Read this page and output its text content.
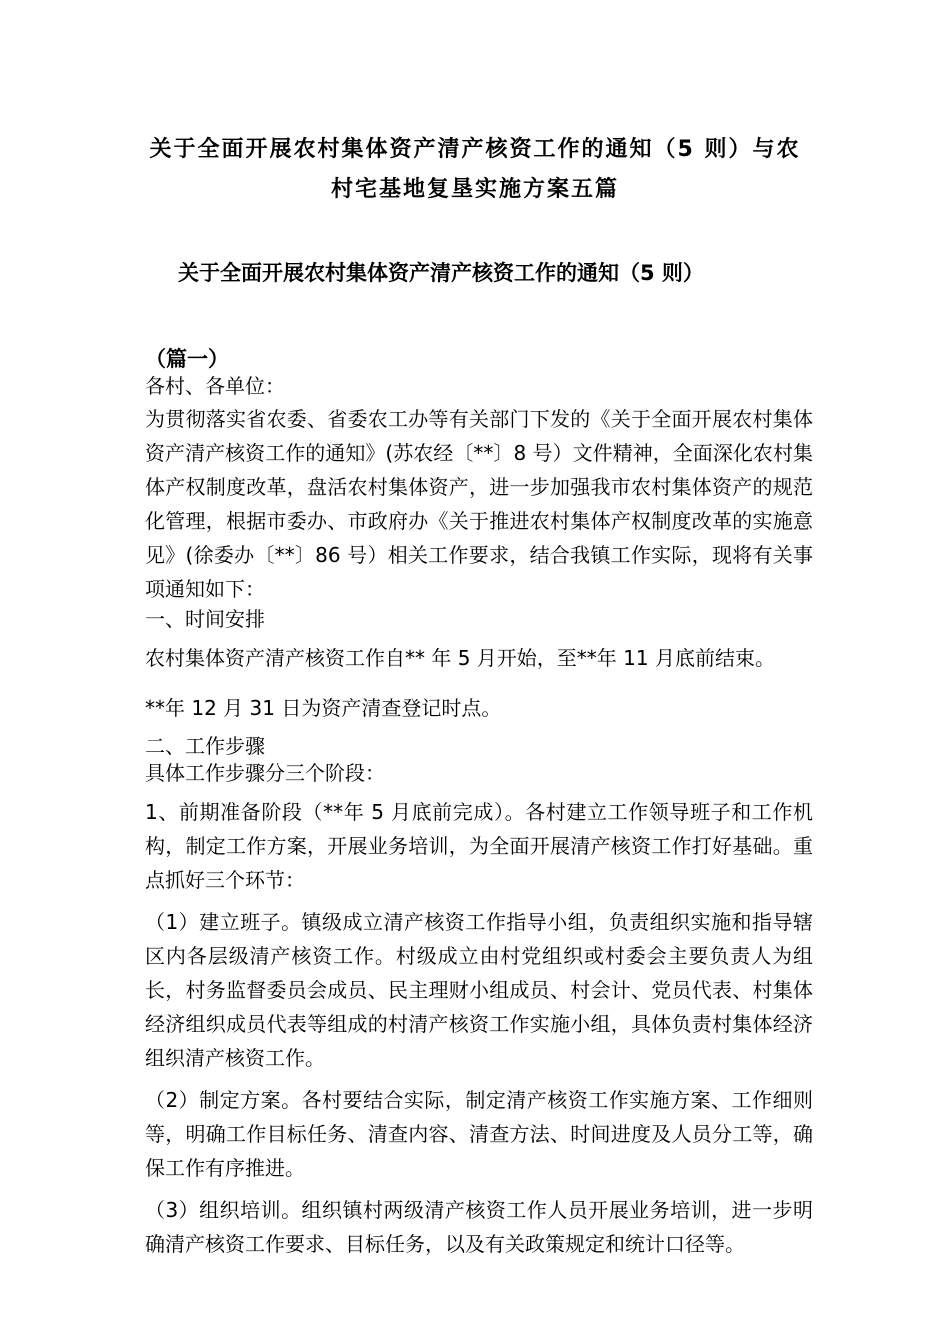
关于全面开展农村集体资产清产核资工作的通知（5 则）与农
村宅基地复垦实施方案五篇
关于全面开展农村集体资产清产核资工作的通知（5 则）
（篇一）

各村、各单位：

为贯彻落实省农委、省委农工办等有关部门下发的《关于全面开展农村集体资产清产核资工作的通知》(苏农经〔**〕8 号）文件精神，全面深化农村集体产权制度改革，盘活农村集体资产，进一步加强我市农村集体资产的规范化管理，根据市委办、市政府办《关于推进农村集体产权制度改革的实施意见》(徐委办〔**〕86 号）相关工作要求，结合我镇工作实际，现将有关事项通知如下：

一、时间安排

农村集体资产清产核资工作自** 年 5 月开始，至**年 11 月底前结束。

**年 12 月 31 日为资产清查登记时点。

二、工作步骤

具体工作步骤分三个阶段：

1、前期准备阶段（**年 5 月底前完成）。各村建立工作领导班子和工作机构，制定工作方案，开展业务培训，为全面开展清产核资工作打好基础。重点抓好三个环节：

（1）建立班子。镇级成立清产核资工作指导小组，负责组织实施和指导辖区内各层级清产核资工作。村级成立由村党组织或村委会主要负责人为组长，村务监督委员会成员、民主理财小组成员、村会计、党员代表、村集体经济组织成员代表等组成的村清产核资工作实施小组，具体负责村集体经济组织清产核资工作。

（2）制定方案。各村要结合实际，制定清产核资工作实施方案、工作细则等，明确工作目标任务、清查内容、清查方法、时间进度及人员分工等，确保工作有序推进。

（3）组织培训。组织镇村两级清产核资工作人员开展业务培训，进一步明确清产核资工作要求、目标任务，以及有关政策规定和统计口径等。
